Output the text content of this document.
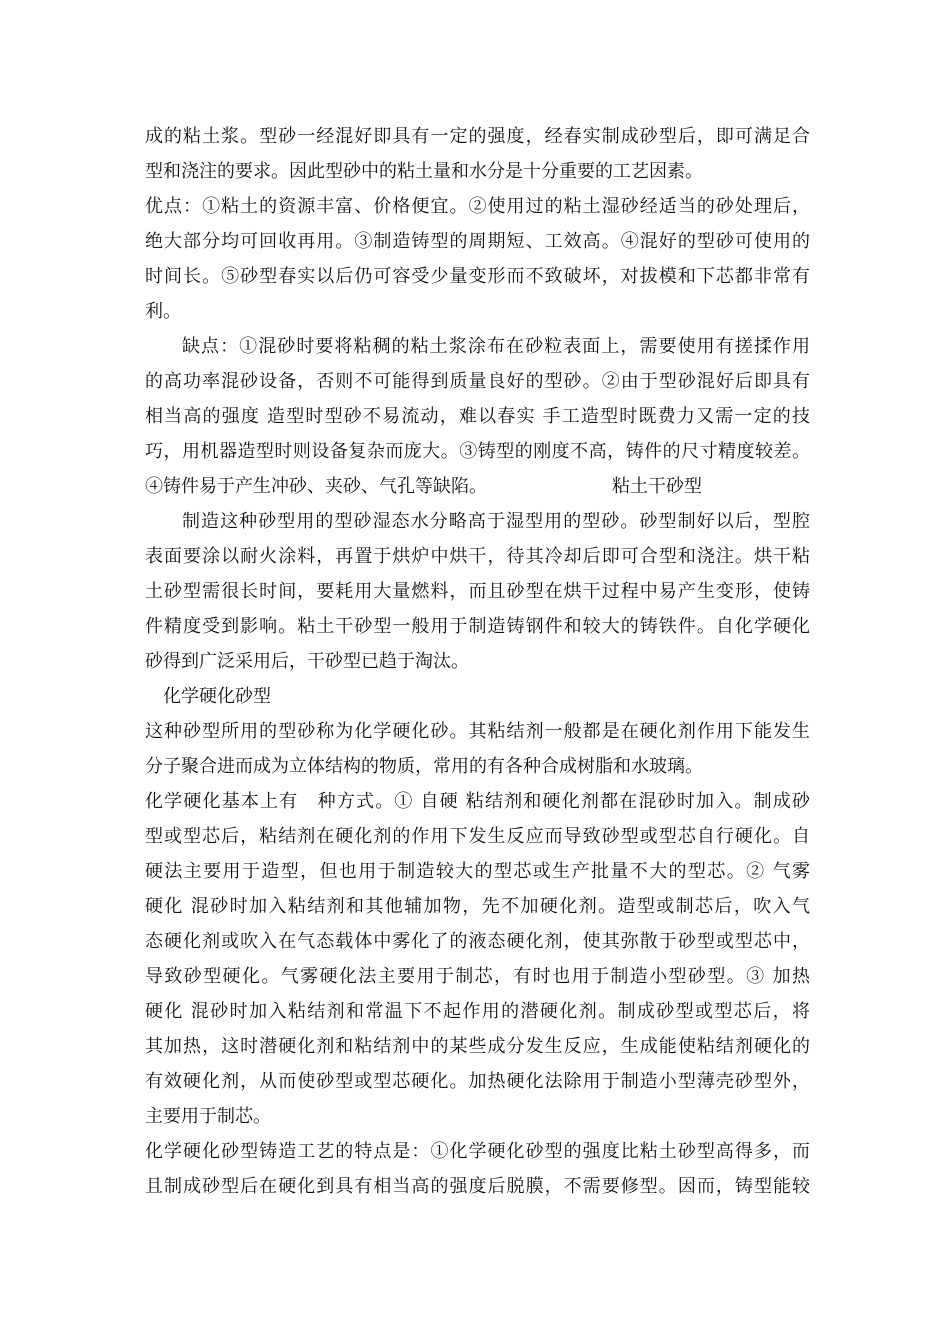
成的粘土浆。型砂一经混好即具有一定的强度，经春实制成砂型后，即可满足合
型和浇注的要求。因此型砂中的粘土量和水分是十分重要的工艺因素。
优点：①粘土的资源丰富、价格便宜。②使用过的粘土湿砂经适当的砂处理后，
绝大部分均可回收再用。③制造铸型的周期短、工效高。④混好的型砂可使用的
时间长。⑤砂型春实以后仍可容受少量变形而不致破坏，对拔模和下芯都非常有
利。
缺点：①混砂时要将粘稠的粘土浆涂布在砂粒表面上，需要使用有搓揉作用
的高功率混砂设备，否则不可能得到质量良好的型砂。②由于型砂混好后即具有
相当高的强度 造型时型砂不易流动，难以春实 手工造型时既费力又需一定的技
巧，用机器造型时则设备复杂而庞大。③铸型的刚度不高，铸件的尺寸精度较差。
④铸件易于产生冲砂、夹砂、气孔等缺陷。	粘土干砂型
制造这种砂型用的型砂湿态水分略高于湿型用的型砂。砂型制好以后，型腔
表面要涂以耐火涂料，再置于烘炉中烘干，待其冷却后即可合型和浇注。烘干粘
土砂型需很长时间，要耗用大量燃料，而且砂型在烘干过程中易产生变形，使铸
件精度受到影响。粘土干砂型一般用于制造铸钢件和较大的铸铁件。自化学硬化
砂得到广泛采用后，干砂型已趋于淘汰。
化学硬化砂型
这种砂型所用的型砂称为化学硬化砂。其粘结剂一般都是在硬化剂作用下能发生
分子聚合进而成为立体结构的物质，常用的有各种合成树脂和水玻璃。
化学硬化基本上有　种方式。① 自硬 粘结剂和硬化剂都在混砂时加入。制成砂
型或型芯后，粘结剂在硬化剂的作用下发生反应而导致砂型或型芯自行硬化。自
硬法主要用于造型，但也用于制造较大的型芯或生产批量不大的型芯。② 气雾
硬化 混砂时加入粘结剂和其他辅加物，先不加硬化剂。造型或制芯后，吹入气
态硬化剂或吹入在气态载体中雾化了的液态硬化剂，使其弥散于砂型或型芯中，
导致砂型硬化。气雾硬化法主要用于制芯，有时也用于制造小型砂型。③ 加热
硬化 混砂时加入粘结剂和常温下不起作用的潜硬化剂。制成砂型或型芯后，将
其加热，这时潜硬化剂和粘结剂中的某些成分发生反应，生成能使粘结剂硬化的
有效硬化剂，从而使砂型或型芯硬化。加热硬化法除用于制造小型薄壳砂型外，
主要用于制芯。
化学硬化砂型铸造工艺的特点是：①化学硬化砂型的强度比粘土砂型高得多，而
且制成砂型后在硬化到具有相当高的强度后脱膜，不需要修型。因而，铸型能较
